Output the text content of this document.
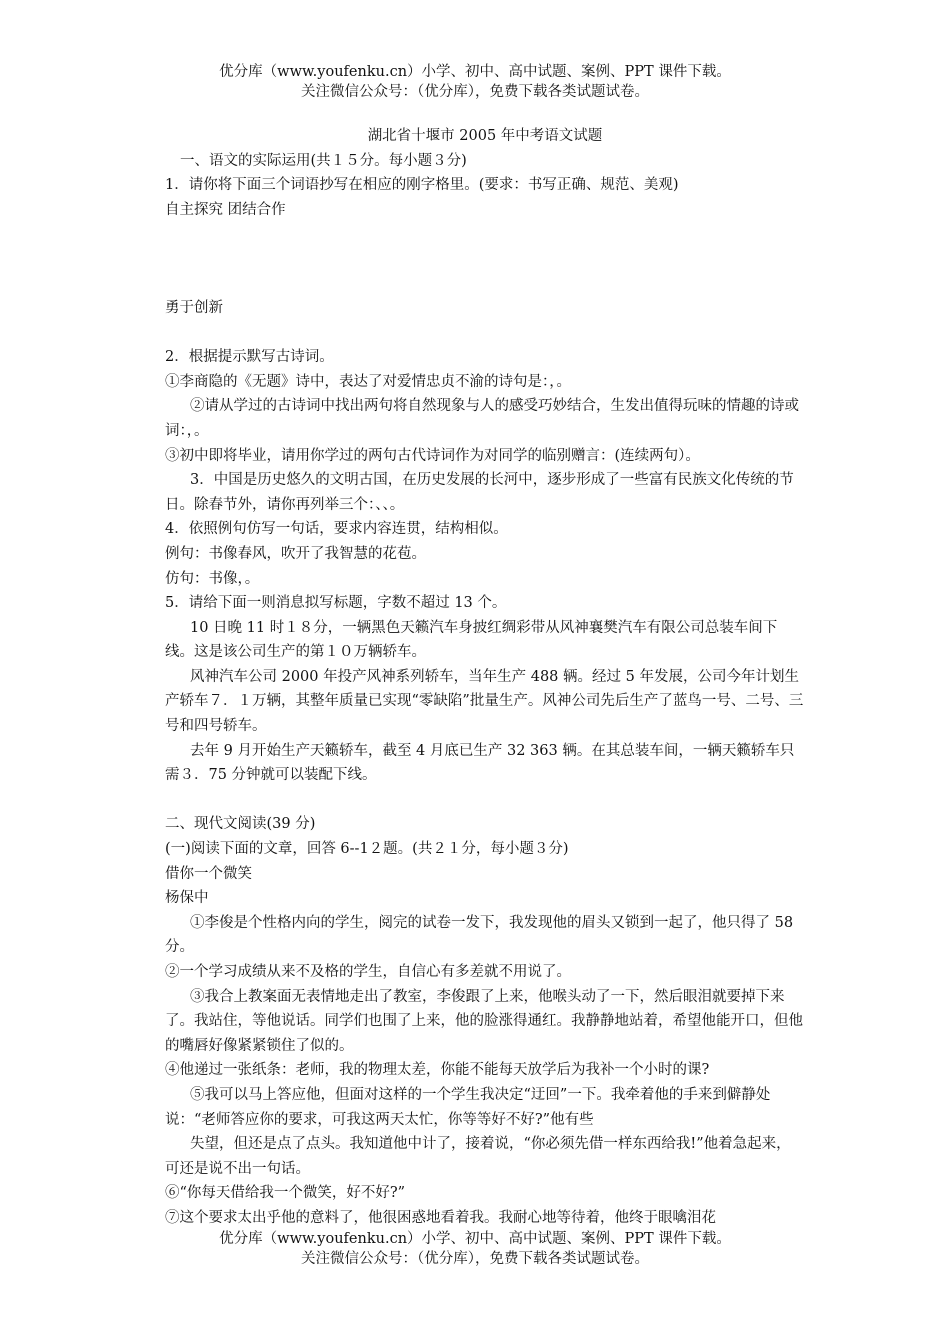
优分库（www.youfenku.cn）小学、初中、高中试题、案例、PPT 课件下载。
关注微信公众号：（优分库），免费下载各类试题试卷。

湖北省十堰市 2005 年中考语文试题

一、语文的实际运用(共１５分。每小题３分)

1．请你将下面三个词语抄写在相应的刚字格里。(要求：书写正确、规范、美观)

自主探究 团结合作

勇于创新

2．根据提示默写古诗词。

①李商隐的《无题》诗中，表达了对爱情忠贞不渝的诗句是：，。

②请从学过的古诗词中找出两句将自然现象与人的感受巧妙结合，生发出值得玩味的情趣的诗或词：，。

③初中即将毕业，请用你学过的两句古代诗词作为对同学的临别赠言：(连续两句）。

3．中国是历史悠久的文明古国，在历史发展的长河中，逐步形成了一些富有民族文化传统的节日。除春节外，请你再列举三个：、、。

4．依照例句仿写一句话，要求内容连贯，结构相似。

例句：书像春风，吹开了我智慧的花苞。

仿句：书像，。

5．请给下面一则消息拟写标题，字数不超过 13 个。

10 日晚 11 时１８分，一辆黑色天籁汽车身披红绸彩带从风神襄樊汽车有限公司总装车间下线。这是该公司生产的第１０万辆轿车。

风神汽车公司 2000 年投产风神系列轿车，当年生产 488 辆。经过 5 年发展，公司今年计划生产轿车７．１万辆，其整年质量已实现“零缺陷”批量生产。风神公司先后生产了蓝鸟一号、二号、三号和四号轿车。

去年 9 月开始生产天籁轿车，截至 4 月底已生产 32 363 辆。在其总装车间，一辆天籁轿车只需３．75 分钟就可以装配下线。

二、现代文阅读(39 分)

(一)阅读下面的文章，回答 6--1２题。(共２１分，每小题３分)

借你一个微笑

杨保中

①李俊是个性格内向的学生，阅完的试卷一发下，我发现他的眉头又锁到一起了，他只得了 58 分。

②一个学习成绩从来不及格的学生，自信心有多差就不用说了。

③我合上教案面无表情地走出了教室，李俊跟了上来，他喉头动了一下，然后眼泪就要掉下来了。我站住，等他说话。同学们也围了上来，他的脸涨得通红。我静静地站着，希望他能开口，但他的嘴唇好像紧紧锁住了似的。

④他递过一张纸条：老师，我的物理太差，你能不能每天放学后为我补一个小时的课?

⑤我可以马上答应他，但面对这样的一个学生我决定“迂回”一下。我牵着他的手来到僻静处说：“老师答应你的要求，可我这两天太忙，你等等好不好?”他有些

失望，但还是点了点头。我知道他中计了，接着说，“你必须先借一样东西给我!”他着急起来，可还是说不出一句话。

⑥“你每天借给我一个微笑，好不好?”

⑦这个要求太出乎他的意料了，他很困惑地看着我。我耐心地等待着，他终于眼噙泪花

优分库（www.youfenku.cn）小学、初中、高中试题、案例、PPT 课件下载。
关注微信公众号：（优分库），免费下载各类试题试卷。
